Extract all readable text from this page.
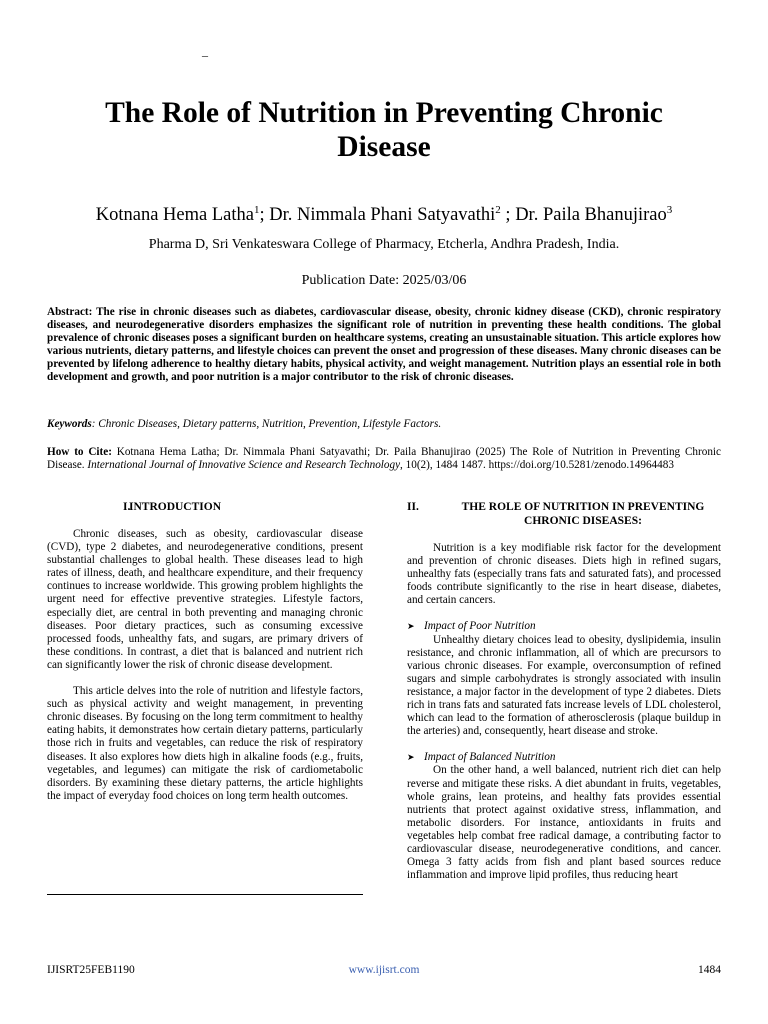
_
The Role of Nutrition in Preventing Chronic Disease
Kotnana Hema Latha$^1$; Dr. Nimmala Phani Satyavathi$^2$ ; Dr. Paila Bhanujirao$^3$
Pharma D, Sri Venkateswara College of Pharmacy, Etcherla, Andhra Pradesh, India.
Publication Date: 2025/03/06

Abstract: The rise in chronic diseases such as diabetes, cardiovascular disease, obesity, chronic kidney disease (CKD), chronic respiratory diseases, and neurodegenerative disorders emphasizes the significant role of nutrition in preventing these health conditions. The global prevalence of chronic diseases poses a significant burden on healthcare systems, creating an unsustainable situation. This article explores how various nutrients, dietary patterns, and lifestyle choices can prevent the onset and progression of these diseases. Many chronic diseases can be prevented by lifelong adherence to healthy dietary habits, physical activity, and weight management. Nutrition plays an essential role in both development and growth, and poor nutrition is a major contributor to the risk of chronic diseases.

Keywords: Chronic Diseases, Dietary patterns, Nutrition, Prevention, Lifestyle Factors.

How to Cite: Kotnana Hema Latha; Dr. Nimmala Phani Satyavathi; Dr. Paila Bhanujirao (2025) The Role of Nutrition in Preventing Chronic Disease. International Journal of Innovative Science and Research Technology, 10(2), 1484 1487. https://doi.org/10.5281/zenodo.14964483

I.
INTRODUCTION

Chronic diseases, such as obesity, cardiovascular disease (CVD), type 2 diabetes, and neurodegenerative conditions, present substantial challenges to global health. These diseases lead to high rates of illness, death, and healthcare expenditure, and their frequency continues to increase worldwide. This growing problem highlights the urgent need for effective preventive strategies. Lifestyle factors, especially diet, are central in both preventing and managing chronic diseases. Poor dietary practices, such as consuming excessive processed foods, unhealthy fats, and sugars, are primary drivers of these conditions. In contrast, a diet that is balanced and nutrient rich can significantly lower the risk of chronic disease development.

This article delves into the role of nutrition and lifestyle factors, such as physical activity and weight management, in preventing chronic diseases. By focusing on the long term commitment to healthy eating habits, it demonstrates how certain dietary patterns, particularly those rich in fruits and vegetables, can reduce the risk of respiratory diseases. It also explores how diets high in alkaline foods (e.g., fruits, vegetables, and legumes) can mitigate the risk of cardiometabolic disorders. By examining these dietary patterns, the article highlights the impact of everyday food choices on long term health outcomes.

II.	THE ROLE OF NUTRITION IN PREVENTING CHRONIC DISEASES:

Nutrition is a key modifiable risk factor for the development and prevention of chronic diseases. Diets high in refined sugars, unhealthy fats (especially trans fats and saturated fats), and processed foods contribute significantly to the rise in heart disease, diabetes, and certain cancers.

➤ Impact of Poor Nutrition

Unhealthy dietary choices lead to obesity, dyslipidemia, insulin resistance, and chronic inflammation, all of which are precursors to various chronic diseases. For example, overconsumption of refined sugars and simple carbohydrates is strongly associated with insulin resistance, a major factor in the development of type 2 diabetes. Diets rich in trans fats and saturated fats increase levels of LDL cholesterol, which can lead to the formation of atherosclerosis (plaque buildup in the arteries) and, consequently, heart disease and stroke.

➤ Impact of Balanced Nutrition

On the other hand, a well balanced, nutrient rich diet can help reverse and mitigate these risks. A diet abundant in fruits, vegetables, whole grains, lean proteins, and healthy fats provides essential nutrients that protect against oxidative stress, inflammation, and metabolic disorders. For instance, antioxidants in fruits and vegetables help combat free radical damage, a contributing factor to cardiovascular disease, neurodegenerative conditions, and cancer. Omega 3 fatty acids from fish and plant based sources reduce inflammation and improve lipid profiles, thus reducing heart

IJISRT25FEB1190	www.ijisrt.com	1484
